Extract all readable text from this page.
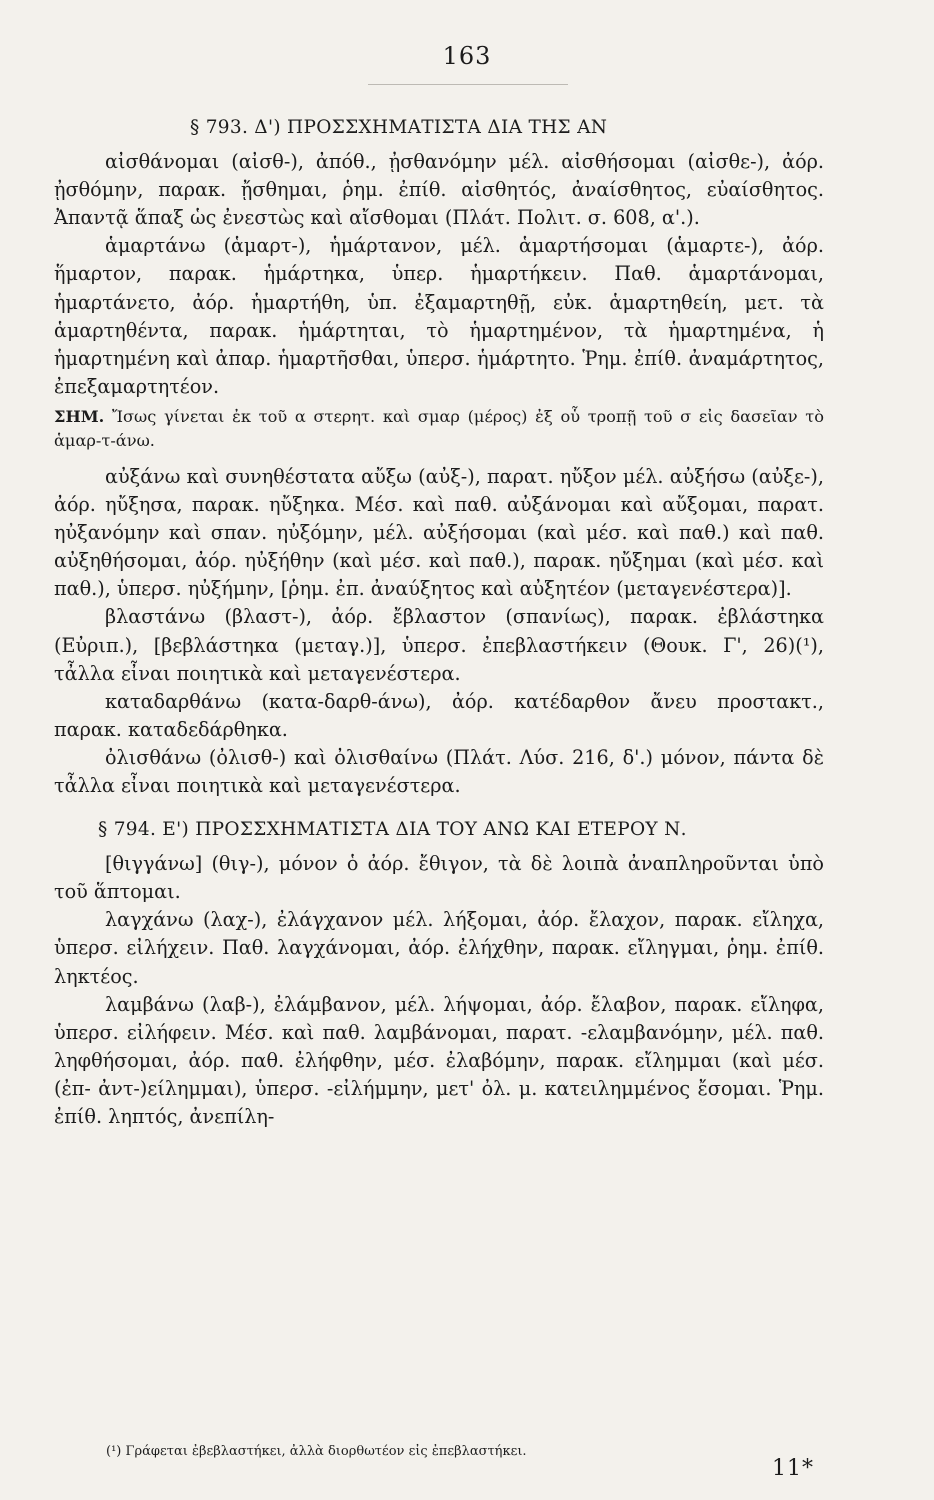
163
§ 793. Δ') ΠΡΟΣΣΧΗΜΑΤΙΣΤΑ ΔΙΑ ΤΗΣ ΑΝ

αἰσθάνομαι (αἰσθ-), ἀπόθ., ᾐσθανόμην μέλ. αἰσθήσομαι (αἰσθε-), ἀόρ. ᾐσθόμην, παρακ. ᾔσθημαι, ῥημ. ἐπίθ. αἰσθητός, ἀναίσθητος, εὐαίσθητος. Ἀπαντᾷ ἅπαξ ὡς ἐνεστὼς καὶ αἴσθομαι (Πλάτ. Πολιτ. σ. 608, α'.).

ἁμαρτάνω (ἁμαρτ-), ἡμάρτανον, μέλ. ἁμαρτήσομαι (ἁμαρτε-), ἀόρ. ἥμαρτον, παρακ. ἡμάρτηκα, ὑπερ. ἡμαρτήκειν. Παθ. ἁμαρτάνομαι, ἡμαρτάνετο, ἀόρ. ἡμαρτήθη, ὑπ. ἐξαμαρτηθῇ, εὐκ. ἁμαρτηθείη, μετ. τὰ ἁμαρτηθέντα, παρακ. ἡμάρτηται, τὸ ἡμαρτημένον, τὰ ἡμαρτημένα, ἡ ἡμαρτημένη καὶ ἀπαρ. ἡμαρτῆσθαι, ὑπερσ. ἡμάρτητο. Ῥημ. ἐπίθ. ἀναμάρτητος, ἐπεξαμαρτητέον.

ΣΗΜ. Ἴσως γίνεται ἐκ τοῦ α στερητ. καὶ σμαρ (μέρος) ἐξ οὗ τροπῇ τοῦ σ εἰς δασεῖαν τὸ ἁμαρ-τ-άνω.

αὐξάνω καὶ συνηθέστατα αὔξω (αὐξ-), παρατ. ηὔξον μέλ. αὐξήσω (αὐξε-), ἀόρ. ηὔξησα, παρακ. ηὔξηκα. Μέσ. καὶ παθ. αὐξάνομαι καὶ αὔξομαι, παρατ. ηὐξανόμην καὶ σπαν. ηὐξόμην, μέλ. αὐξήσομαι (καὶ μέσ. καὶ παθ.) καὶ παθ. αὐξηθήσομαι, ἀόρ. ηὐξήθην (καὶ μέσ. καὶ παθ.), παρακ. ηὔξημαι (καὶ μέσ. καὶ παθ.), ὑπερσ. ηὐξήμην, [ῥημ. ἐπ. ἀναύξητος καὶ αὐξητέον (μεταγενέστερα)].

βλαστάνω (βλαστ-), ἀόρ. ἔβλαστον (σπανίως), παρακ. ἐβλάστηκα (Εὐριπ.), [βεβλάστηκα (μεταγ.)], ὑπερσ. ἐπεβλαστήκειν (Θουκ. Γ', 26)(¹), τἆλλα εἶναι ποιητικὰ καὶ μεταγενέστερα.

καταδαρθάνω (κατα-δαρθ-άνω), ἀόρ. κατέδαρθον ἄνευ προστακτ., παρακ. καταδεδάρθηκα.

ὀλισθάνω (ὀλισθ-) καὶ ὀλισθαίνω (Πλάτ. Λύσ. 216, δ'.) μόνον, πάντα δὲ τἆλλα εἶναι ποιητικὰ καὶ μεταγενέστερα.

§ 794. Ε') ΠΡΟΣΣΧΗΜΑΤΙΣΤΑ ΔΙΑ ΤΟΥ ΑΝΩ ΚΑΙ ΕΤΕΡΟΥ Ν.

[θιγγάνω] (θιγ-), μόνον ὁ ἀόρ. ἔθιγον, τὰ δὲ λοιπὰ ἀναπληροῦνται ὑπὸ τοῦ ἅπτομαι.

λαγχάνω (λαχ-), ἐλάγχανον μέλ. λήξομαι, ἀόρ. ἔλαχον, παρακ. εἴληχα, ὑπερσ. εἰλήχειν. Παθ. λαγχάνομαι, ἀόρ. ἐλήχθην, παρακ. εἴληγμαι, ῥημ. ἐπίθ. ληκτέος.

λαμβάνω (λαβ-), ἐλάμβανον, μέλ. λήψομαι, ἀόρ. ἔλαβον, παρακ. εἴληφα, ὑπερσ. εἰλήφειν. Μέσ. καὶ παθ. λαμβάνομαι, παρατ. -ελαμβανόμην, μέλ. παθ. ληφθήσομαι, ἀόρ. παθ. ἐλήφθην, μέσ. ἐλαβόμην, παρακ. εἴλημμαι (καὶ μέσ. (ἐπ- ἀντ-)είλημμαι), ὑπερσ. -εἰλήμμην, μετ' ὀλ. μ. κατειλημμένος ἔσομαι. Ῥημ. ἐπίθ. ληπτός, ἀνεπίλη-

(¹) Γράφεται ἐβεβλαστήκει, ἀλλὰ διορθωτέον εἰς ἐπεβλαστήκει.
11*
